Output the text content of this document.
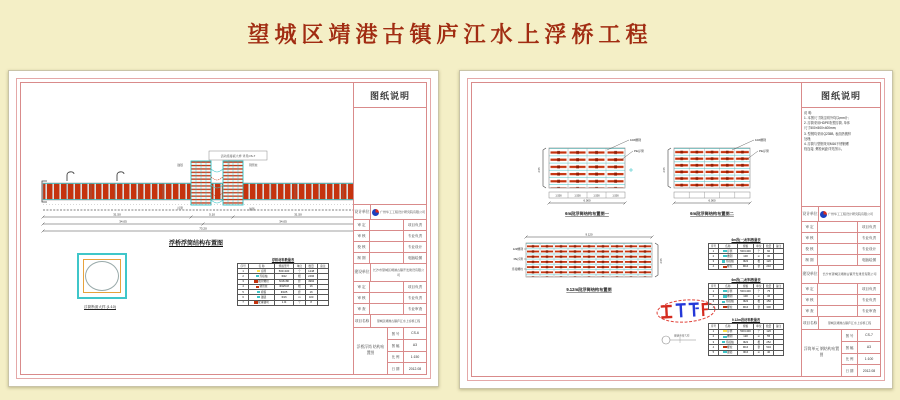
望城区靖港古镇庐江水上浮桥工程
活动连接板大样 详见CS-7
锚链	钢管桩
浮筒	锚链
31.50	5.10	31.50
34.05	34.05
73.20
浮桥浮筒结构布置图
浮筒断面大样 (1:10)
浮桥材料数量表
序号	名 称	规格型号	单位	数量	备注
1	浮筒	500×400	个	1248	
2	连接轴	Φ22	根	2496	
3	镀锌螺栓	M16×80	套	4992	
4	钢管桩	Φ325×8	根	16	
5	抱箍	Φ325	套	16	
6	锚链	Φ16	m	320	
7	配重锚块	1.0t	个	8	
图纸说明
设计单位	广州华工工程设计研究院有限公司
审 定	项目负责
审 核	专业负责
校 核	专业设计
制 图	电脑绘图
建设单位	长沙市望城区靖港古镇开发建设有限公司
审 定	项目负责
审 核	专业负责
审 查	专业审查
项目名称	望城区靖港古镇庐江水上浮桥工程
浮桥浮筒 结构布置图
图 号	CS-6
图 幅	A3
比 例	1:150
日 期	2012.08
2.55
10#槽钢
PE浮筒
1.500	1.500	1.500	1.500
6.000
6m段浮筒结构布置图一
2.55
10#槽钢
PE浮筒
6.000
6m段浮筒结构布置图二
9.120
2.55
12#槽钢
PE浮筒
连接螺栓
9.12m段浮筒结构布置图
锚链连接大样
6m段(一)材料数量表
序号	名称	规格	单位	数量	备注
1	浮筒	500×400	个	60	
2	槽钢	10#	m	30	
3	连接轴	Φ22	根	120	
4	螺栓	M16	套	240	
6m段(二)材料数量表
序号	名称	规格	单位	数量	备注
1	浮筒	500×400	个	75	
2	槽钢	10#	m	36	
3	连接轴	Φ22	根	150	
4	螺栓	M16	套	300	
9.12m段材料数量表
序号	名称	规格	单位	数量	备注
1	浮筒	500×400	个	126	
2	槽钢	12#	m	55	
3	连接轴	Φ22	根	252	
4	螺栓	M16	套	504	
5	锚链	Φ16	m	40	
图纸说明
说 明:
1. 本图尺寸除注明外均以mm计;
2. 浮筒采用HDPE吹塑浮筒, 单体
尺寸500×500×400mm;
3. 型钢均采用Q235B, 表面热镀锌
处理;
4. 浮筒与型钢采用M16不锈钢螺
栓连接, 螺栓间距详见图示。
设计单位	广州华工工程设计研究院有限公司
审 定	项目负责
审 核	专业负责
校 核	专业设计
制 图	电脑绘图
建设单位	长沙市望城区靖港古镇开发建设有限公司
审 定	项目负责
审 核	专业负责
审 查	专业审查
项目名称	望城区靖港古镇庐江水上浮桥工程
浮筒单元 钢结构布置图
图 号	CS-7
图 幅	A3
比 例	1:100
日 期	2012.08
